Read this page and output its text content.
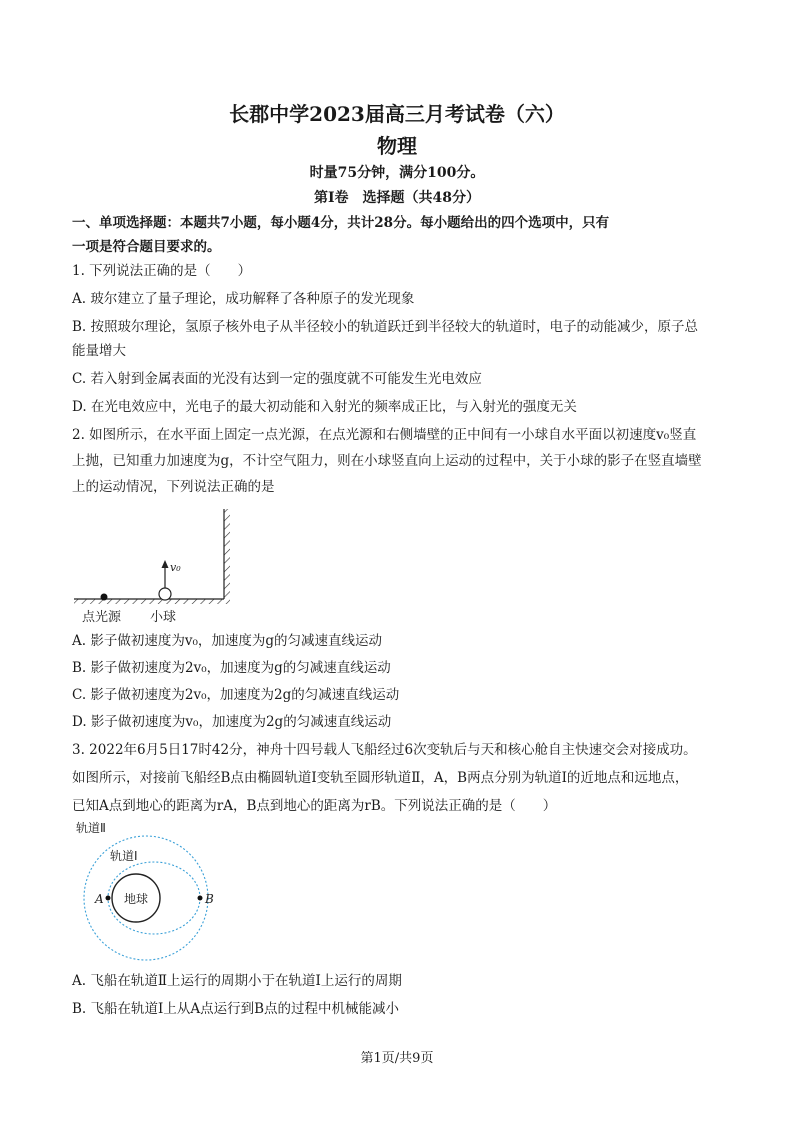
长郡中学2023届高三月考试卷（六）
物理
时量75分钟，满分100分。
第Ⅰ卷　选择题（共48分）
一、单项选择题：本题共7小题，每小题4分，共计28分。每小题给出的四个选项中，只有
一项是符合题目要求的。
1. 下列说法正确的是（　　）
A. 玻尔建立了量子理论，成功解释了各种原子的发光现象
B. 按照玻尔理论，氢原子核外电子从半径较小的轨道跃迁到半径较大的轨道时，电子的动能减少，原子总
能量增大
C. 若入射到金属表面的光没有达到一定的强度就不可能发生光电效应
D. 在光电效应中，光电子的最大初动能和入射光的频率成正比，与入射光的强度无关
2. 如图所示，在水平面上固定一点光源，在点光源和右侧墙壁的正中间有一小球自水平面以初速度v₀竖直
上抛，已知重力加速度为g，不计空气阻力，则在小球竖直向上运动的过程中，关于小球的影子在竖直墙壁
上的运动情况，下列说法正确的是
v₀
点光源 小球
A. 影子做初速度为v₀，加速度为g的匀减速直线运动
B. 影子做初速度为2v₀，加速度为g的匀减速直线运动
C. 影子做初速度为2v₀，加速度为2g的匀减速直线运动
D. 影子做初速度为v₀，加速度为2g的匀减速直线运动
3. 2022年6月5日17时42分，神舟十四号载人飞船经过6次变轨后与天和核心舱自主快速交会对接成功。
如图所示，对接前飞船经B点由椭圆轨道Ⅰ变轨至圆形轨道Ⅱ，A，B两点分别为轨道Ⅰ的近地点和远地点，
已知A点到地心的距离为rA，B点到地心的距离为rB。下列说法正确的是（　　）
地球
A	B
轨道Ⅱ
轨道Ⅰ
A. 飞船在轨道Ⅱ上运行的周期小于在轨道Ⅰ上运行的周期
B. 飞船在轨道Ⅰ上从A点运行到B点的过程中机械能减小
第1页/共9页
